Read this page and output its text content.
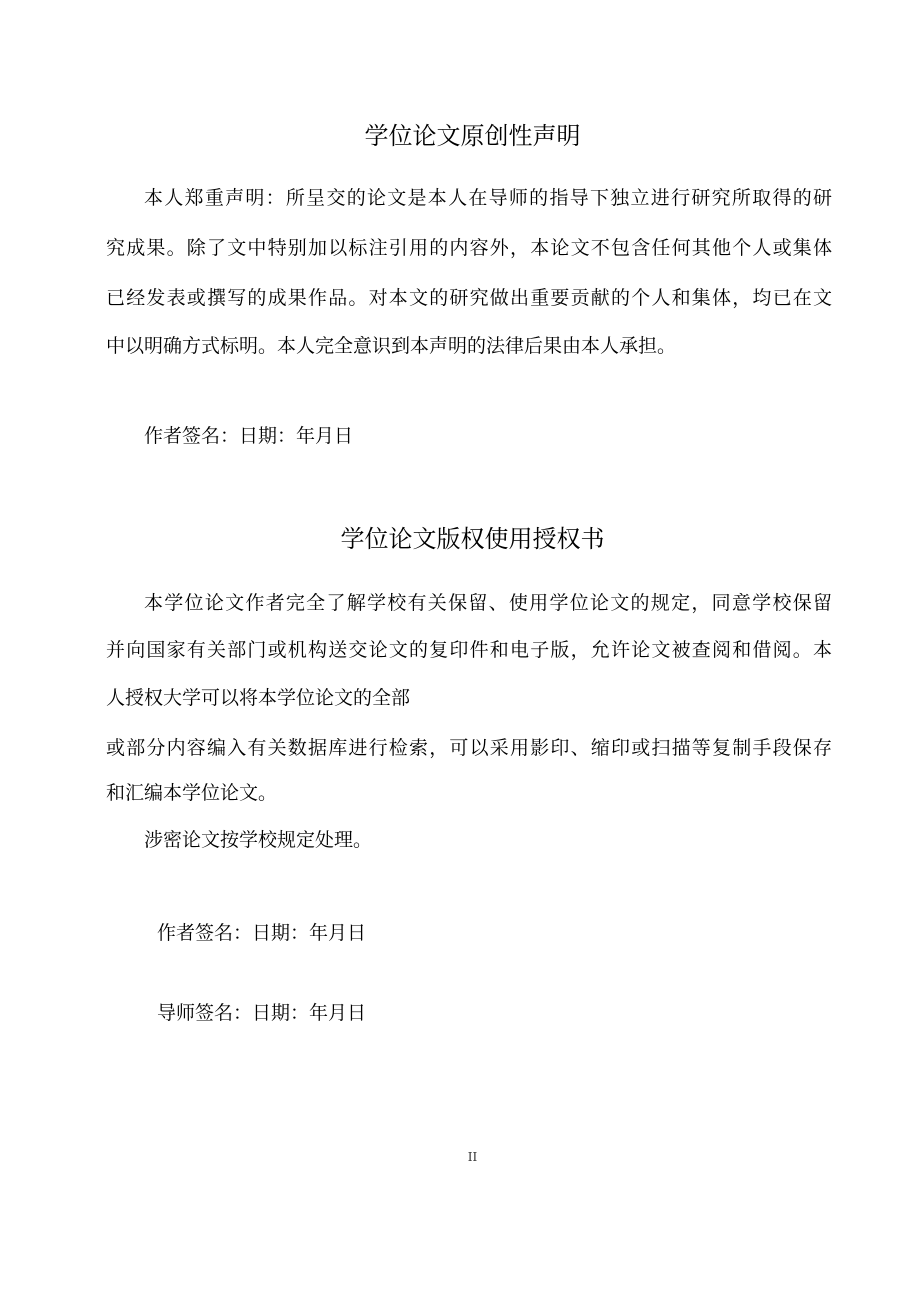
学位论文原创性声明
本人郑重声明：所呈交的论文是本人在导师的指导下独立进行研究所取得的研
究成果。除了文中特别加以标注引用的内容外，本论文不包含任何其他个人或集体
已经发表或撰写的成果作品。对本文的研究做出重要贡献的个人和集体，均已在文
中以明确方式标明。本人完全意识到本声明的法律后果由本人承担。
作者签名：日期：年月日
学位论文版权使用授权书
本学位论文作者完全了解学校有关保留、使用学位论文的规定，同意学校保留
并向国家有关部门或机构送交论文的复印件和电子版，允许论文被查阅和借阅。本
人授权大学可以将本学位论文的全部
或部分内容编入有关数据库进行检索，可以采用影印、缩印或扫描等复制手段保存
和汇编本学位论文。
涉密论文按学校规定处理。
作者签名：日期：年月日
导师签名：日期：年月日
II
